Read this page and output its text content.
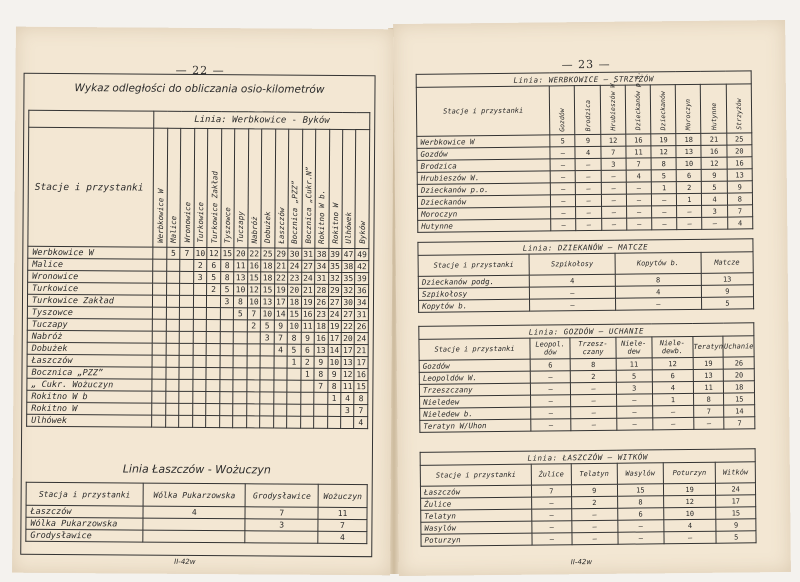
— 22 —
Wykaz odległości do obliczania osio-kilometrów
	Linia: Werbkowice - Byków															
Stacje i przystanki	Werbkowice W	Malice	Wronowice	Turkowice	Turkowice Zakład	Tyszowce	Tuczapy	Nabróż	Dobużek	Łaszczów	Bocznica „PZZ”	Bocznica „Cukr.N”	Rokitno W b.	Rokitno W	Ulhówek	Byków

Werbkowice W		5	7	10	12	15	20	22	25	29	30	31	38	39	47	49
Malice				2	6	8	11	16	18	21	24	27	34	35	38	42
Wronowice				3	5	8	13	15	18	22	23	24	31	32	35	39
Turkowice					2	5	10	12	15	19	20	21	28	29	32	36
Turkowice Zakład						3	8	10	13	17	18	19	26	27	30	34
Tyszowce							5	7	10	14	15	16	23	24	27	31
Tuczapy								2	5	9	10	11	18	19	22	26
Nabróż									3	7	8	9	16	17	20	24
Dobużek										4	5	6	13	14	17	21
Łaszczów											1	2	9	10	13	17
Bocznica „PZZ”												1	8	9	12	16
„ Cukr. Wożuczyn													7	8	11	15
Rokitno W b														1	4	8
Rokitno W															3	7
Ulhówek																4
Linia Łaszczów - Wożuczyn
Stacja i przystanki	Wólka Pukarzowska	Grodysławice	Wożuczyn
Łaszczów	4	7	11
Wólka Pukarzowska		3	7
Grodysławice			4
II-42w
— 23 —
Linia: WERBKOWICE — STRZYŻÓW								
Stacje i przystanki	Gozdów	Brodzica	Hrubieszów W.	Dzieckanów p.o.	Dzieckanów	Moroczyn	Hutynne	Strzyżów

Werbkowice W	5	9	12	16	19	18	21	25
Gozdów	—	4	7	11	12	13	16	20
Brodzica	—	—	3	7	8	10	12	16
Hrubieszów W.	—	—	—	4	5	6	9	13
Dzieckanów p.o.	—	—	—	—	1	2	5	9
Dzieckanów	—	—	—	—	—	1	4	8
Moroczyn	—	—	—	—	—	—	3	7
Hutynne	—	—	—	—	—	—	—	4
Linia: DZIEKANÓW — MATCZE			
Stacje i przystanki	Szpikołosy	Kopytów b.	Matcze
Dzieckanów podg.	4	8	13
Szpikołosy	—	4	9
Kopytów b.	—	—	5
Linia: GOZDÓW — UCHANIE						
Stacje i przystanki	Leopol. dów	Trzesz- czany	Niele- dew	Niele- dewb.	Teratyn	Uchanie
Gozdów	6	8	11	12	19	26
Leopoldów W.	—	2	5	6	13	20
Trzeszczany	—	—	3	4	11	18
Nieledew	—	—	—	1	8	15
Nieledew b.	—	—	—	—	7	14
Teratyn W/Uhon	—	—	—	—	—	7
Linia: ŁASZCZÓW — WITKÓW					
Stacje i przystanki	Żulice	Telatyn	Wasylów	Poturzyn	Witków
Łaszczów	7	9	15	19	24
Żulice	—	2	8	12	17
Telatyn	—	—	6	10	15
Wasylów	—	—	—	4	9
Poturzyn	—	—	—	—	5
II-42w
